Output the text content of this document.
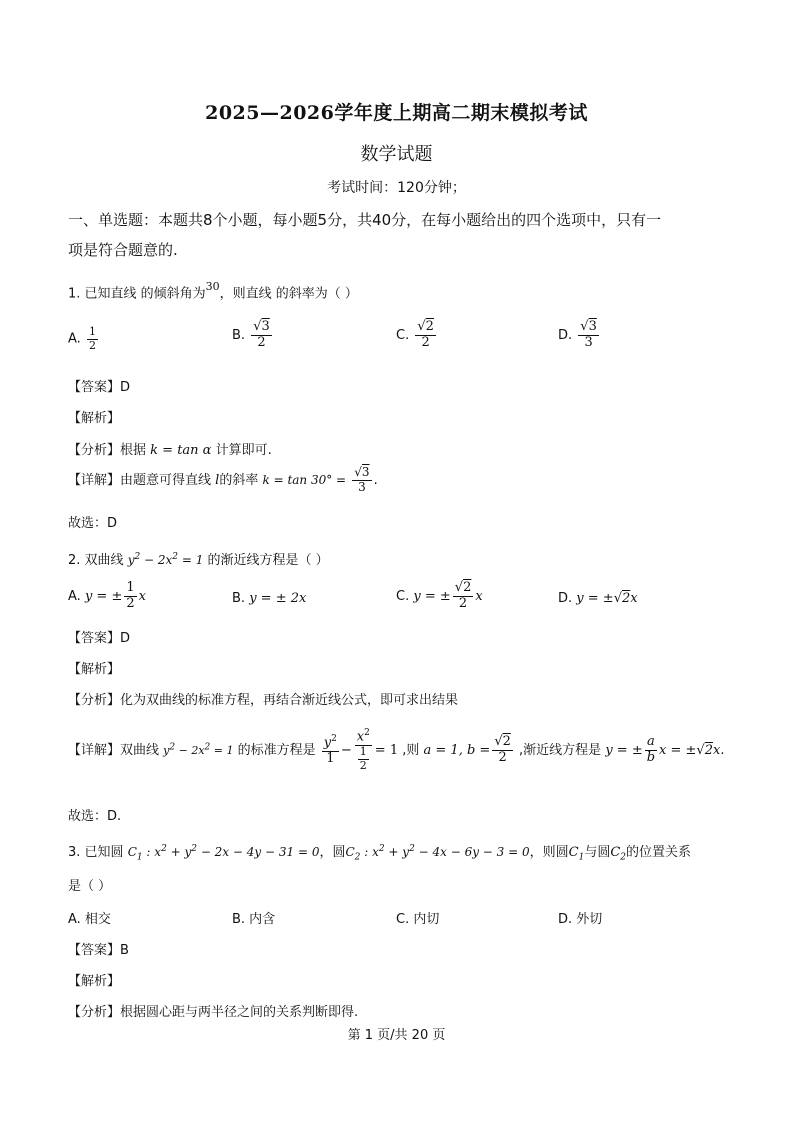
2025—2026学年度上期高二期末模拟考试
数学试题
考试时间：120分钟；
一、单选题：本题共8个小题，每小题5分，共40分，在每小题给出的四个选项中，只有一
项是符合题意的.
1. 已知直线 的倾斜角为$^{30}$，则直线 的斜率为（ ）
A. $\frac{1}{2}$	B. $\frac{√3}{2}$	C. $\frac{√2}{2}$	D. $\frac{√3}{3}$
【答案】D
【解析】
【分析】根据 k = tan α 计算即可.
【详解】由题意可得直线 l的斜率 $k = \tan 30^\circ = \frac{√3}{3}$ .
故选：D
2. 双曲线 $y^2 - 2x^2 = 1$ 的渐近线方程是（ ）
A. y = ± $\frac{1}{2}$ x	B. y = ± 2x	C. y = ± $\frac{√2}{2}$ x	D. y = ±√2x
【答案】D
【解析】
【分析】化为双曲线的标准方程，再结合渐近线公式，即可求出结果
【详解】双曲线 $y^2 - 2x^2 = 1$ 的标准方程是 $\frac{y^2}{1} - \frac{x^2}{\frac{1}{2}} = 1$ ,则 a = 1, $b = \frac{√2}{2}$ ,渐近线方程是 y = ± $\frac{a}{b}$ x = ±√2x.
故选：D.
3. 已知圆 $C_1$ : $x^2 + y^2 - 2x - 4y - 31 = 0$，圆$C_2$ : $x^2 + y^2 - 4x - 6y - 3 = 0$，则圆$C_1$与圆$C_2$的位置关系
是（ ）
A. 相交	B. 内含	C. 内切	D. 外切
【答案】B
【解析】
【分析】根据圆心距与两半径之间的关系判断即得.
第 1 页/共 20 页
